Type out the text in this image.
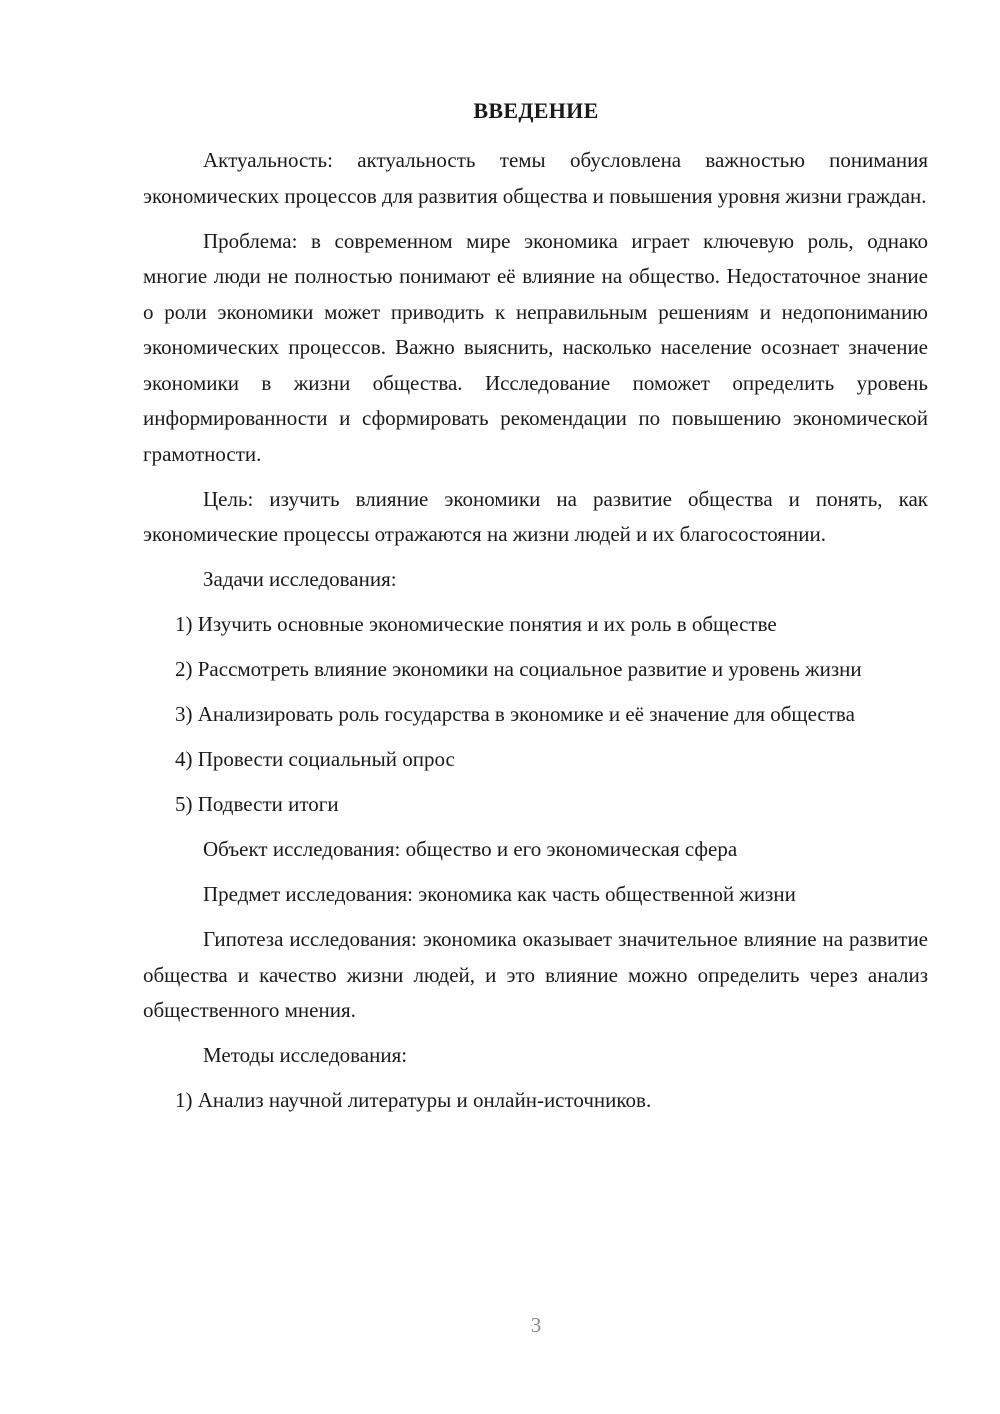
ВВЕДЕНИЕ

Актуальность: актуальность темы обусловлена важностью понимания экономических процессов для развития общества и повышения уровня жизни граждан.

Проблема: в современном мире экономика играет ключевую роль, однако многие люди не полностью понимают её влияние на общество. Недостаточное знание о роли экономики может приводить к неправильным решениям и недопониманию экономических процессов. Важно выяснить, насколько население осознает значение экономики в жизни общества. Исследование поможет определить уровень информированности и сформировать рекомендации по повышению экономической грамотности.

Цель: изучить влияние экономики на развитие общества и понять, как экономические процессы отражаются на жизни людей и их благосостоянии.

Задачи исследования:

1) Изучить основные экономические понятия и их роль в обществе

2) Рассмотреть влияние экономики на социальное развитие и уровень жизни

3) Анализировать роль государства в экономике и её значение для общества

4) Провести социальный опрос

5) Подвести итоги

Объект исследования: общество и его экономическая сфера

Предмет исследования: экономика как часть общественной жизни

Гипотеза исследования: экономика оказывает значительное влияние на развитие общества и качество жизни людей, и это влияние можно определить через анализ общественного мнения.

Методы исследования:

1) Анализ научной литературы и онлайн-источников.

3
